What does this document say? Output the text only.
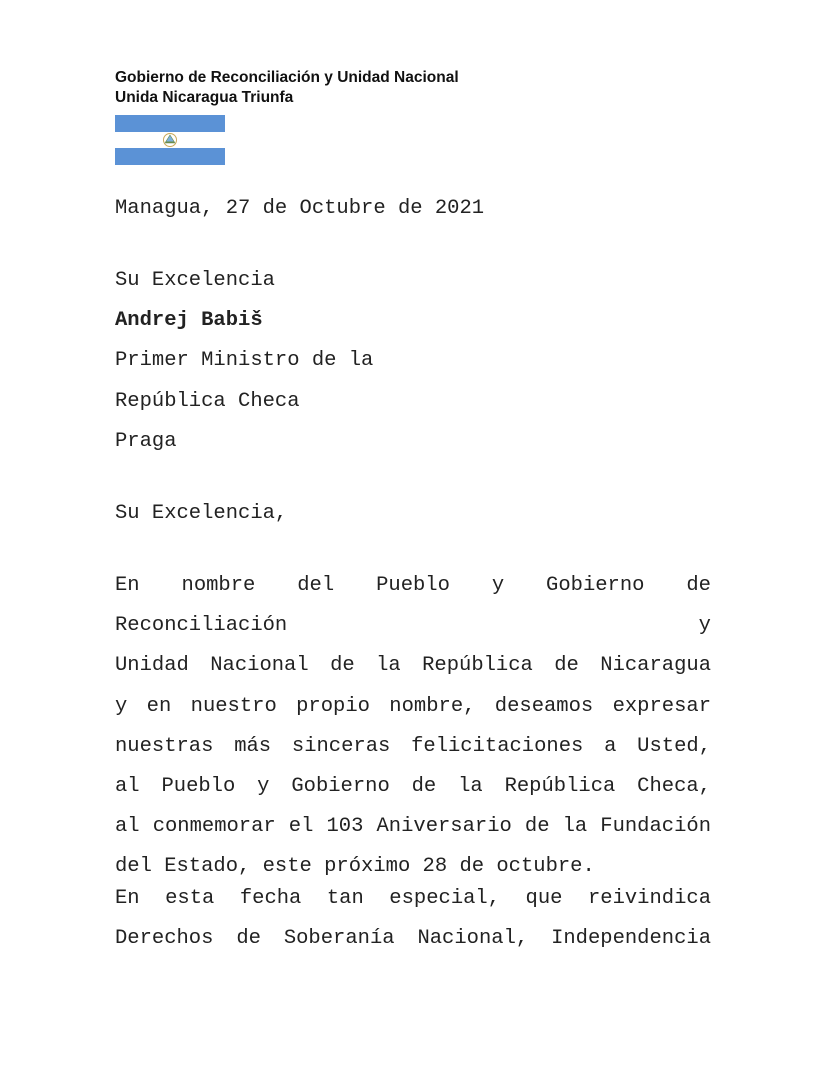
Gobierno de Reconciliación y Unidad Nacional
Unida Nicaragua Triunfa
Managua, 27 de Octubre de 2021
Su Excelencia
Andrej Babiš
Primer Ministro de la
República Checa
Praga
Su Excelencia,
En nombre del Pueblo y Gobierno de Reconciliación y
Unidad Nacional de la República de Nicaragua
y en nuestro propio nombre, deseamos expresar
nuestras más sinceras felicitaciones a Usted,
al Pueblo y Gobierno de la República Checa,
al conmemorar el 103 Aniversario de la Fundación
del Estado, este próximo 28 de octubre.
En esta fecha tan especial, que reivindica
Derechos de Soberanía Nacional, Independencia
